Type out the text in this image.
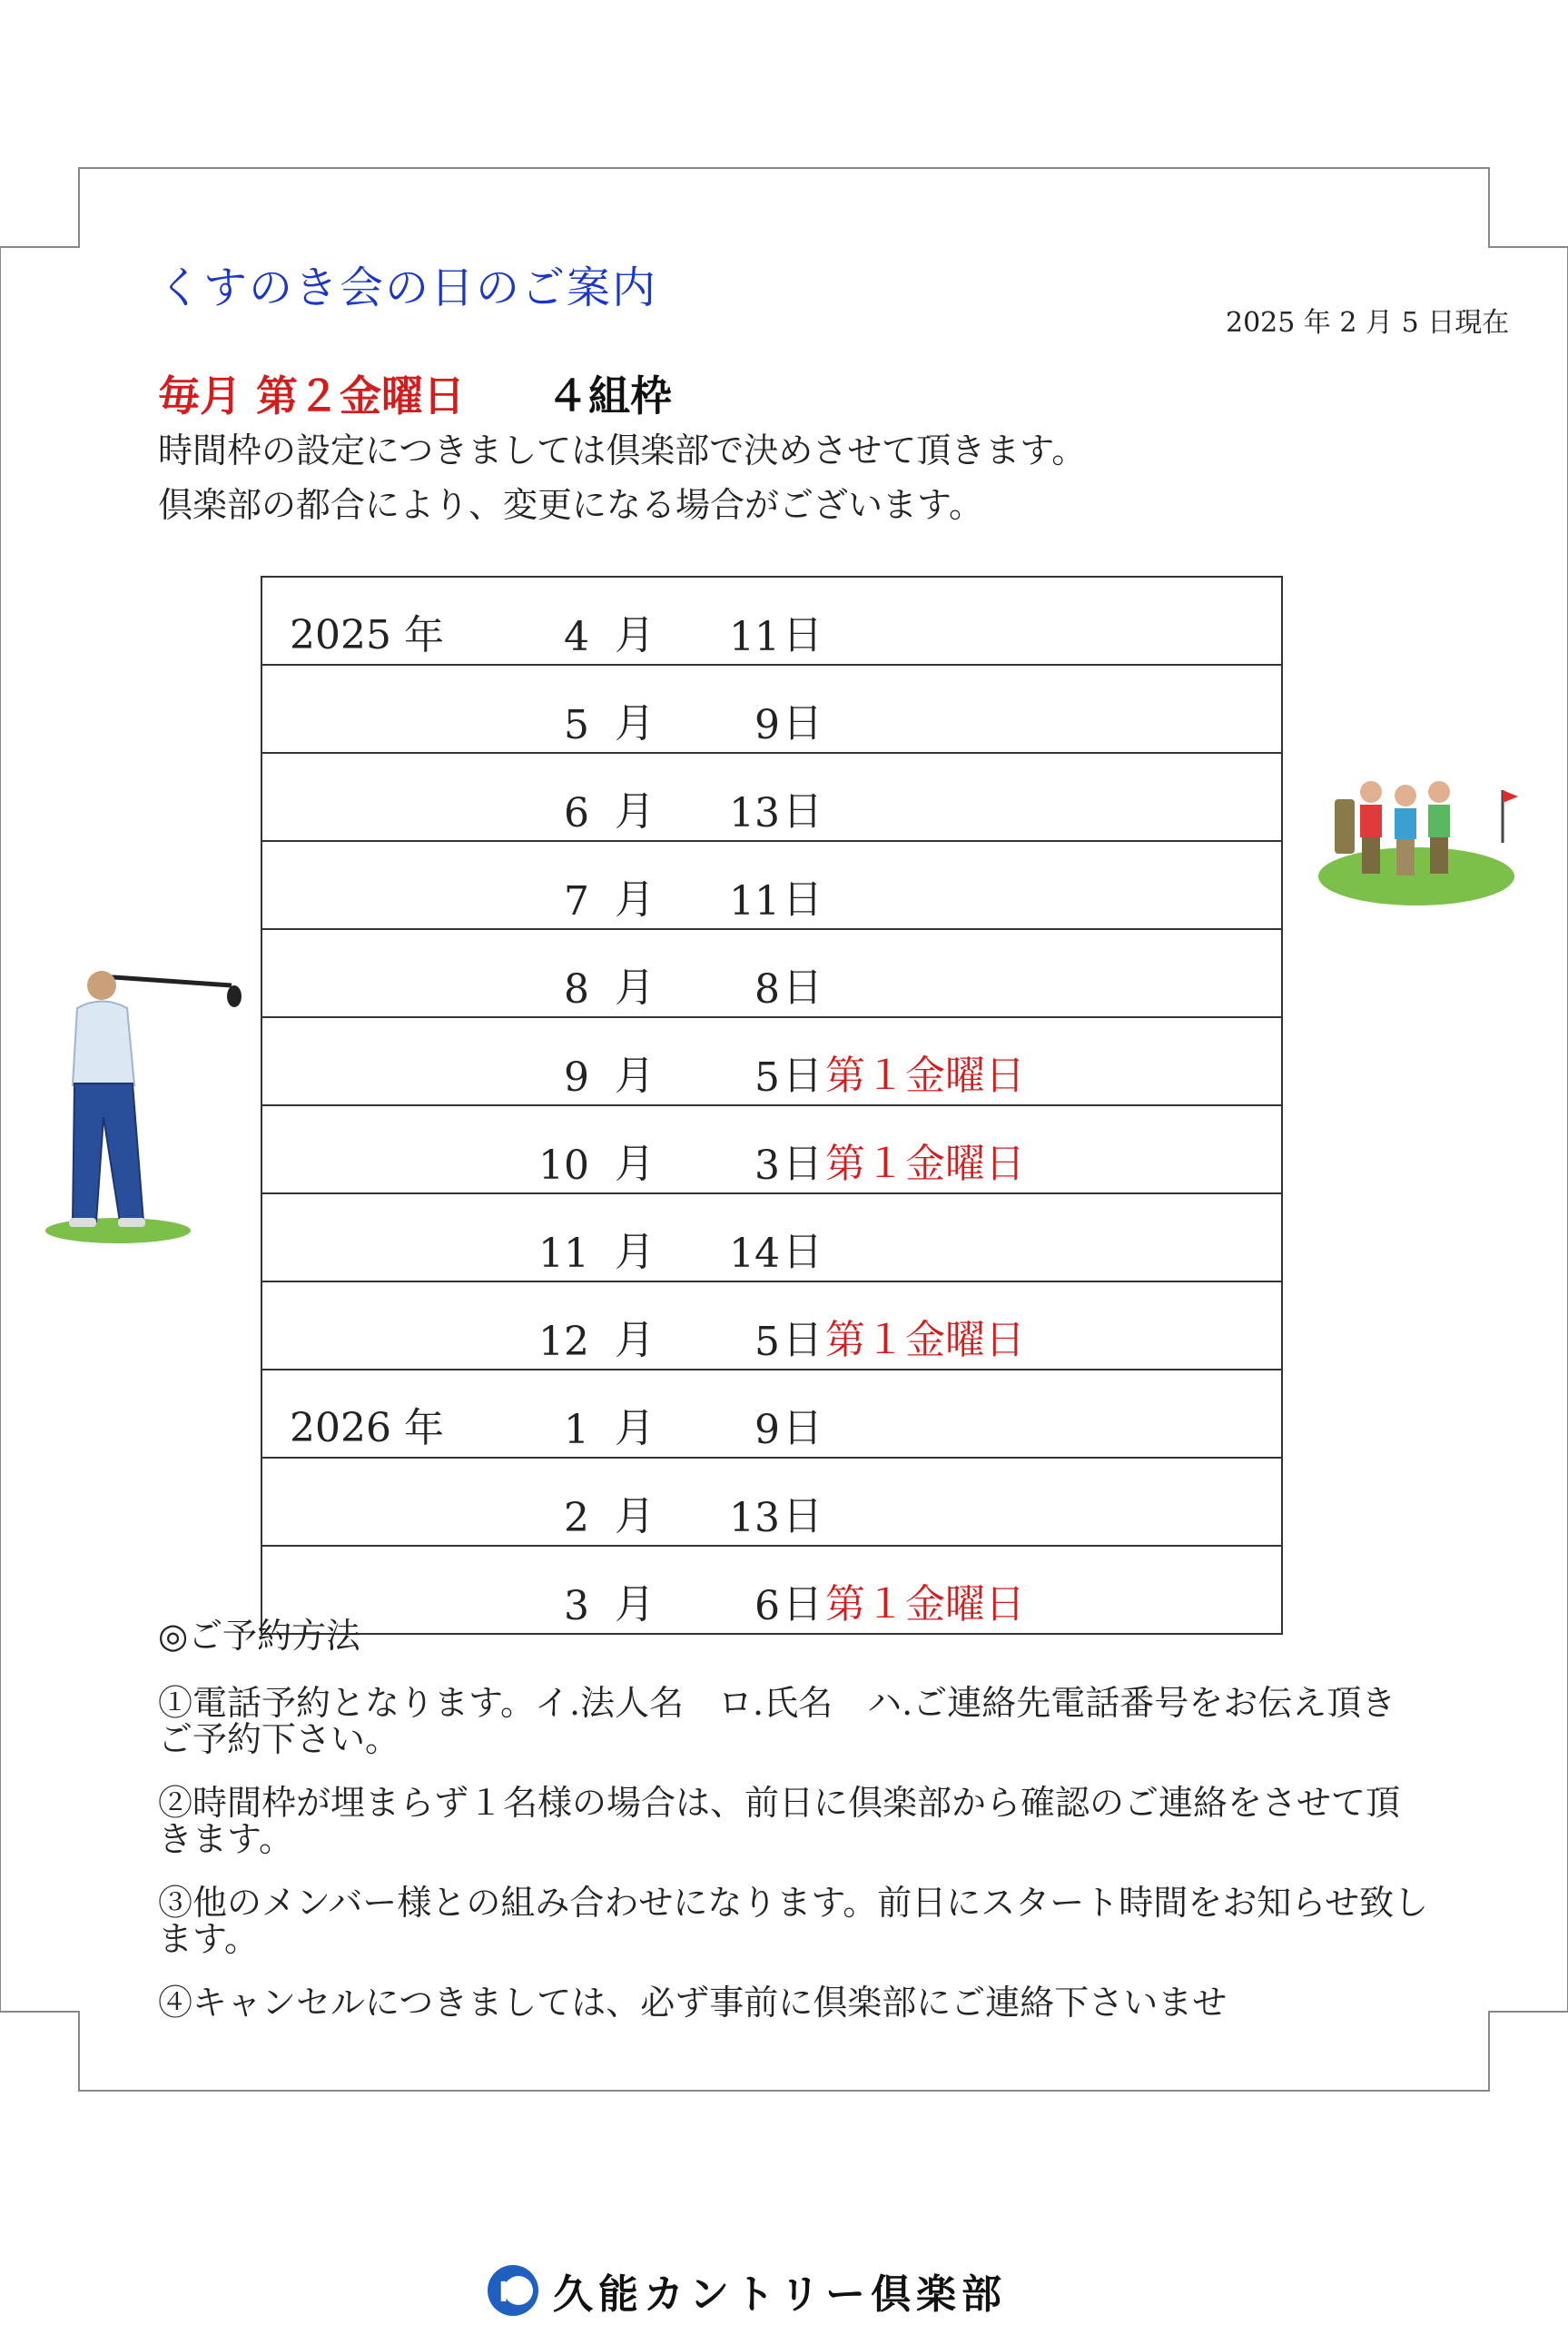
くすのき会の日のご案内
2025 年 2 月 5 日現在
毎月 第２金曜日 ４組枠
時間枠の設定につきましては倶楽部で決めさせて頂きます。
倶楽部の都合により、変更になる場合がございます。
2025 年	4	月	11	日	
	5	月	9	日	
	6	月	13	日	
	7	月	11	日	
	8	月	8	日	
	9	月	5	日	第１金曜日
	10	月	3	日	第１金曜日
	11	月	14	日	
	12	月	5	日	第１金曜日
2026 年	1	月	9	日	
	2	月	13	日	
	3	月	6	日	第１金曜日
◎ご予約方法

①電話予約となります。イ.法人名　ロ.氏名　ハ.ご連絡先電話番号をお伝え頂きご予約下さい。

②時間枠が埋まらず１名様の場合は、前日に倶楽部から確認のご連絡をさせて頂きます。

③他のメンバー様との組み合わせになります。前日にスタート時間をお知らせ致します。

④キャンセルにつきましては、必ず事前に倶楽部にご連絡下さいませ

K 久能カントリー倶楽部
